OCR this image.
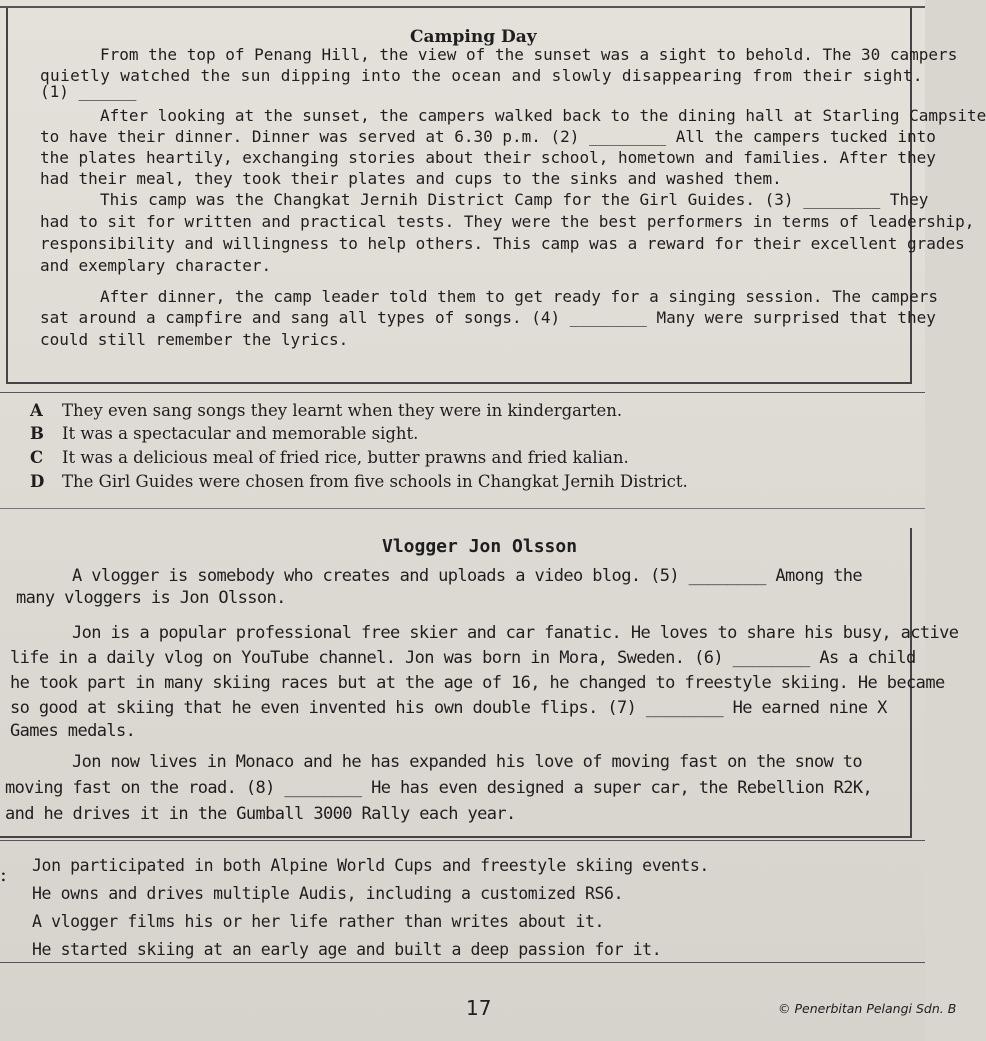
Camping Day
From the top of Penang Hill, the view of the sunset was a sight to behold. The 30 campers
quietly watched the sun dipping into the ocean and slowly disappearing from their sight.
(1) ______
After looking at the sunset, the campers walked back to the dining hall at Starling Campsite
to have their dinner. Dinner was served at 6.30 p.m. (2) ________ All the campers tucked into
the plates heartily, exchanging stories about their school, hometown and families. After they
had their meal, they took their plates and cups to the sinks and washed them.
This camp was the Changkat Jernih District Camp for the Girl Guides. (3) ________ They
had to sit for written and practical tests. They were the best performers in terms of leadership,
responsibility and willingness to help others. This camp was a reward for their excellent grades
and exemplary character.
After dinner, the camp leader told them to get ready for a singing session. The campers
sat around a campfire and sang all types of songs. (4) ________ Many were surprised that they
could still remember the lyrics.
A They even sang songs they learnt when they were in kindergarten.
B It was a spectacular and memorable sight.
C It was a delicious meal of fried rice, butter prawns and fried kalian.
D The Girl Guides were chosen from five schools in Changkat Jernih District.
Vlogger Jon Olsson
A vlogger is somebody who creates and uploads a video blog. (5) ________ Among the
many vloggers is Jon Olsson.
Jon is a popular professional free skier and car fanatic. He loves to share his busy, active
life in a daily vlog on YouTube channel. Jon was born in Mora, Sweden. (6) ________ As a child
he took part in many skiing races but at the age of 16, he changed to freestyle skiing. He became
so good at skiing that he even invented his own double flips. (7) ________ He earned nine X
Games medals.
Jon now lives in Monaco and he has expanded his love of moving fast on the snow to
moving fast on the road. (8) ________ He has even designed a super car, the Rebellion R2K,
and he drives it in the Gumball 3000 Rally each year.
: Jon participated in both Alpine World Cups and freestyle skiing events.
He owns and drives multiple Audis, including a customized RS6.
A vlogger films his or her life rather than writes about it.
He started skiing at an early age and built a deep passion for it.
17	© Penerbitan Pelangi Sdn. B
